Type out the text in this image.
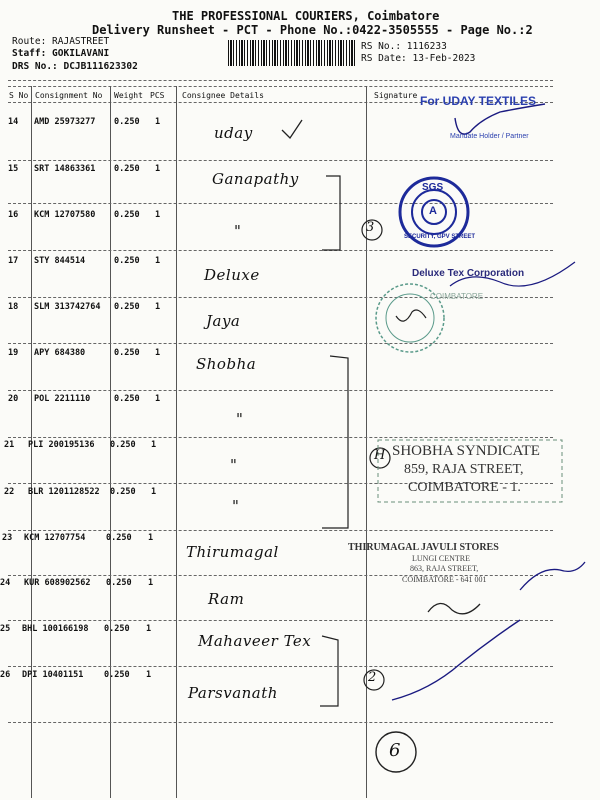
THE PROFESSIONAL COURIERS, Coimbatore
Delivery Runsheet - PCT - Phone No.:0422-3505555 - Page No.:2
Route: RAJASTREET
Staff: GOKILAVANI
DRS No.: DCJB111623302
RS No.: 1116233
RS Date: 13-Feb-2023
S No Consignment No Weight PCS Consignee Details	Signature
14 AMD 25973277 0.250 1
uday
15 SRT 14863361 0.250 1
Ganapathy
16 KCM 12707580 0.250 1
"
17 STY 844514	0.250 1
Deluxe
18 SLM 313742764 0.250 1
Jaya
19 APY 684380	0.250 1
Shobha
20 POL 2211110	0.250 1
"
21 PLI 200195136 0.250 1
"
22 BLR 1201128522 0.250 1
"
23 KCM 12707754 0.250 1
Thirumagal
24 KUR 608902562 0.250 1
Ram
25 BHL 100166198 0.250 1
Mahaveer Tex
26 DPI 10401151 0.250 1
Parsvanath
For UDAY TEXTILES
Mandate Holder / Partner
SGS
A
SECURITY, GPV STREET
Deluxe Tex Corporation
COIMBATORE
SHOBHA SYNDICATE
859, RAJA STREET,
COIMBATORE - 1.
THIRUMAGAL JAVULI STORES
LUNGI CENTRE
863, RAJA STREET,
COIMBATORE - 641 001
3
H
2
6
